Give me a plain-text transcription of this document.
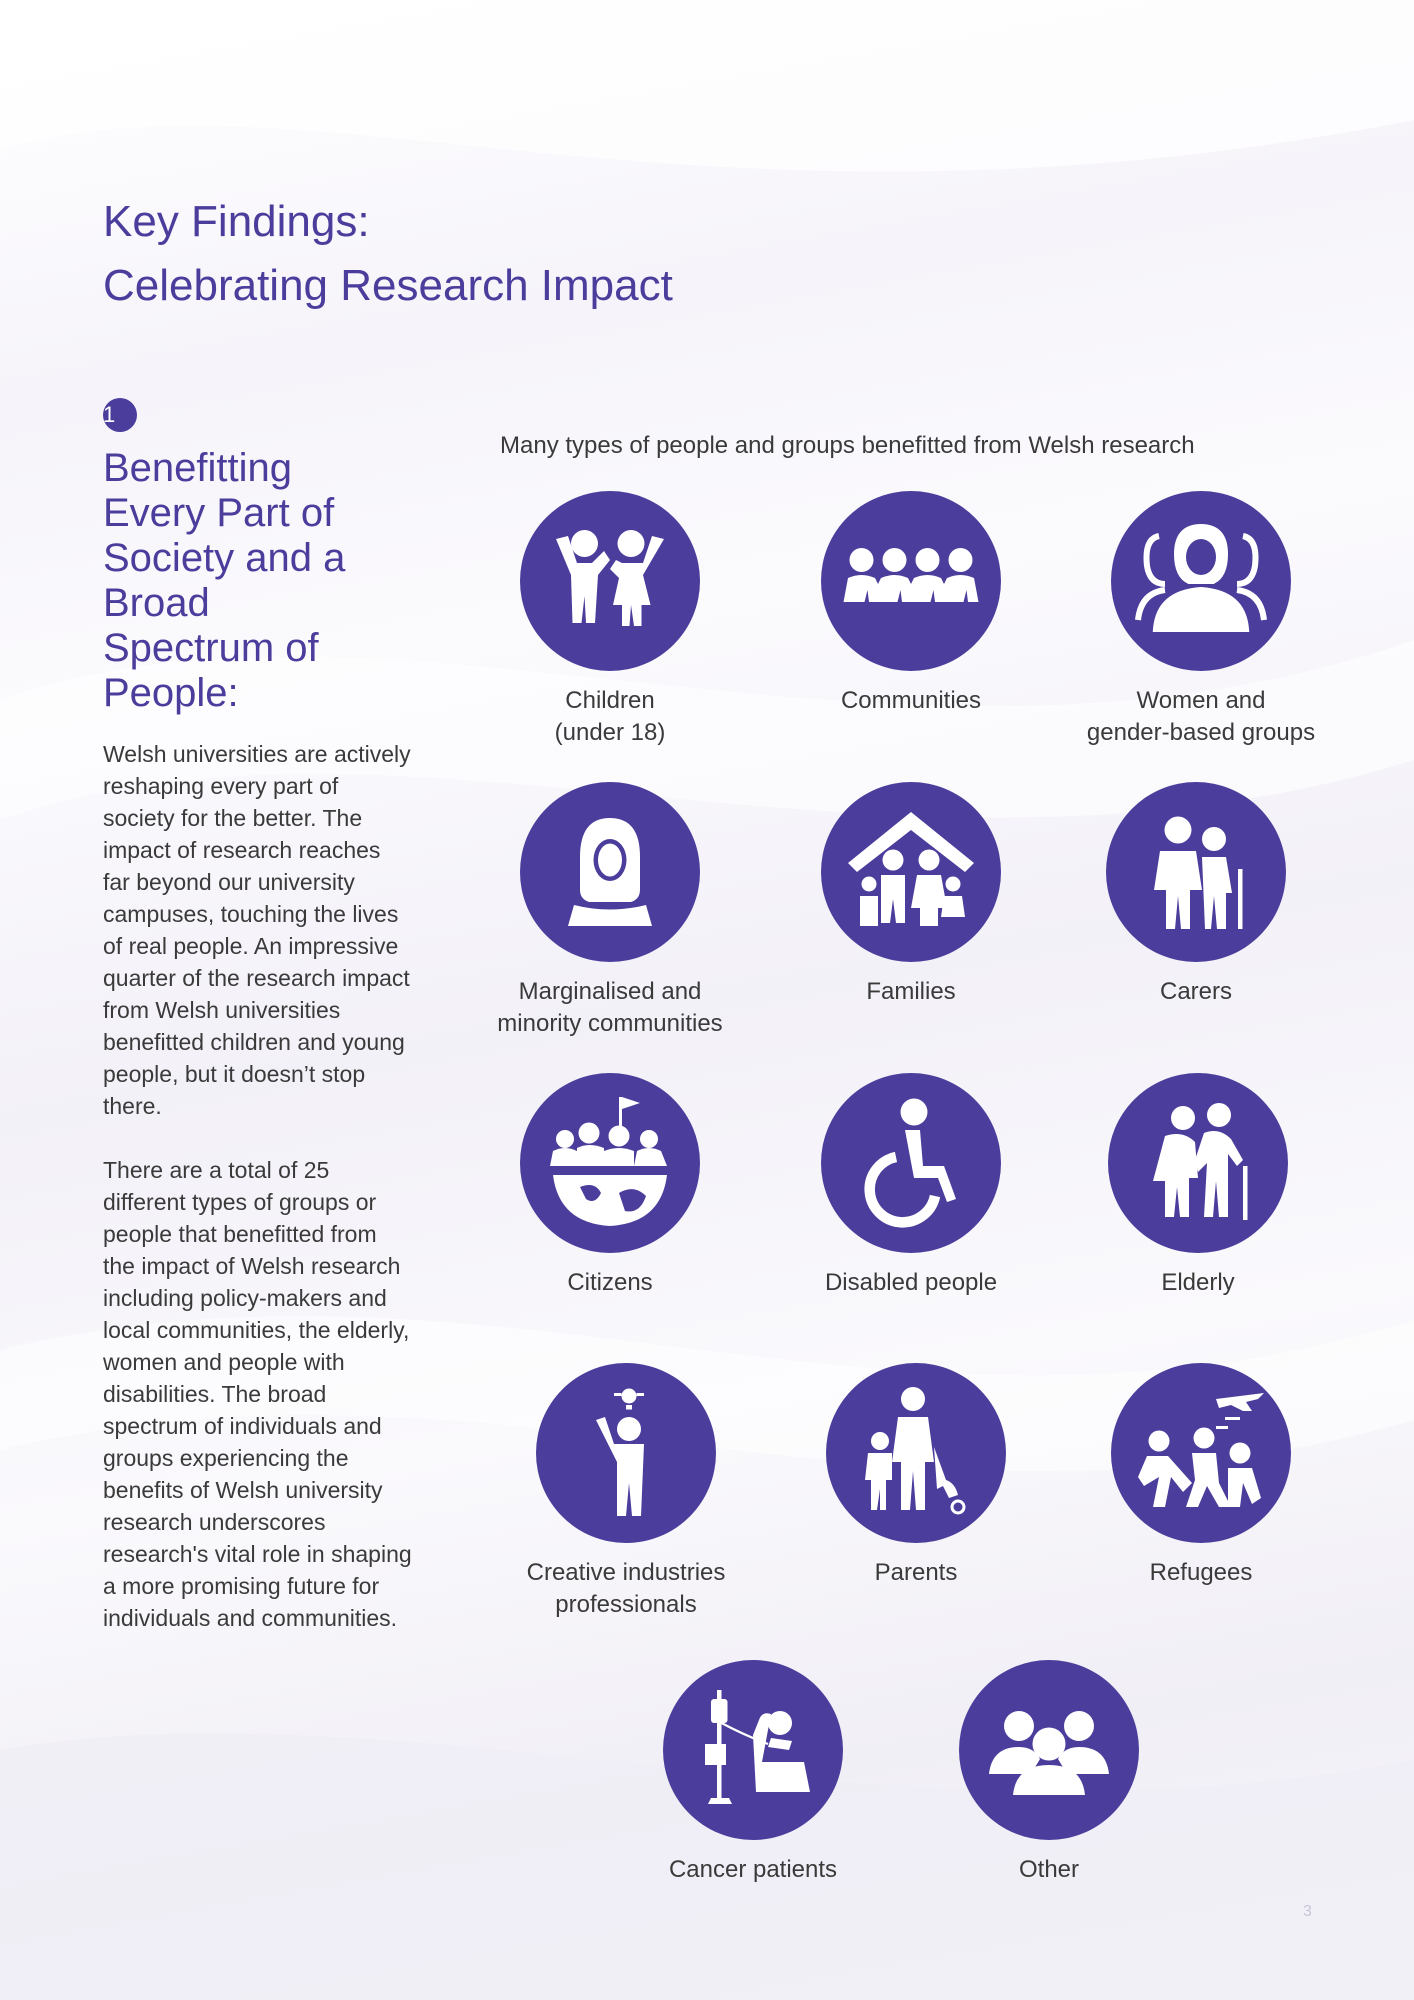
Key Findings:
Celebrating Research Impact
1
Benefitting Every Part of Society and a Broad Spectrum of People:

Welsh universities are actively reshaping every part of society for the better. The impact of research reaches far beyond our university campuses, touching the lives of real people. An impressive quarter of the research impact from Welsh universities benefitted children and young people, but it doesn’t stop there.

There are a total of 25 different types of groups or people that benefitted from the impact of Welsh research including policy-makers and local communities, the elderly, women and people with disabilities. The broad spectrum of individuals and groups experiencing the benefits of Welsh university research underscores research's vital role in shaping a more promising future for individuals and communities.

Many types of people and groups benefitted from Welsh research
Children
(under 18)
Communities	Women and
gender-based groups
Marginalised and
minority communities
Families	Carers
Citizens	Disabled people	Elderly
Creative industries
professionals
Parents	Refugees
Cancer patients	Other
3
